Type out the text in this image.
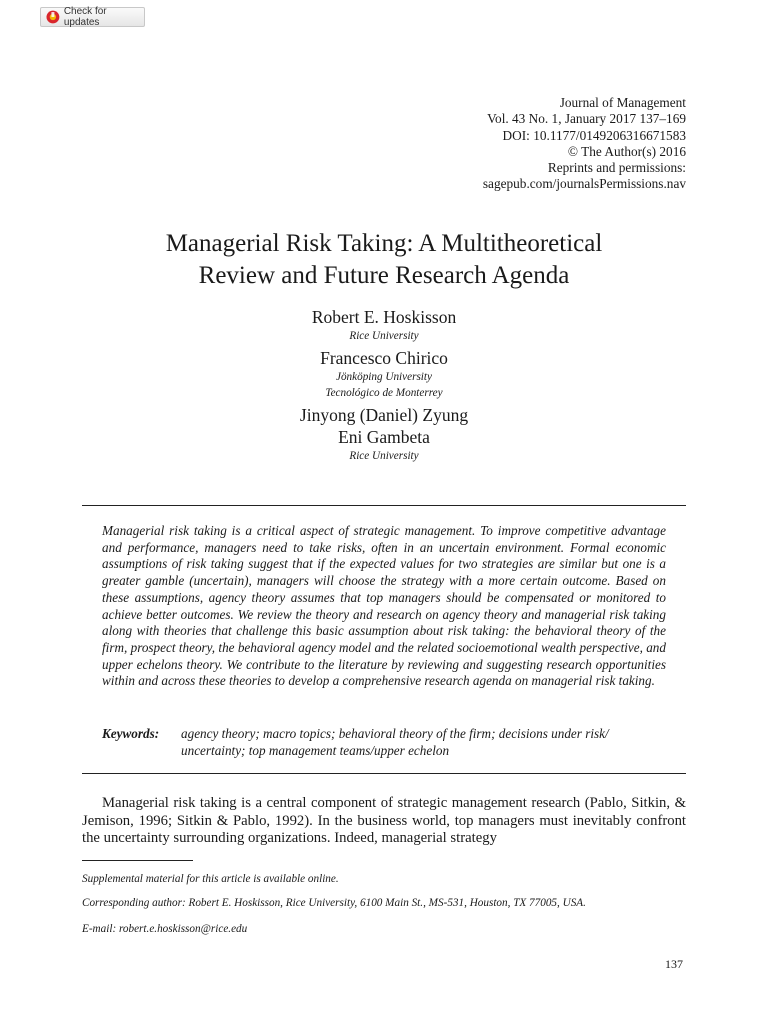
Check for updates
Journal of Management
Vol. 43 No. 1, January 2017 137–169
DOI: 10.1177/0149206316671583
© The Author(s) 2016
Reprints and permissions:
sagepub.com/journalsPermissions.nav
Managerial Risk Taking: A Multitheoretical
Review and Future Research Agenda
Robert E. Hoskisson
Rice University
Francesco Chirico
Jönköping University
Tecnológico de Monterrey
Jinyong (Daniel) Zyung
Eni Gambeta
Rice University

Managerial risk taking is a critical aspect of strategic management. To improve competitive advantage and performance, managers need to take risks, often in an uncertain environment. Formal economic assumptions of risk taking suggest that if the expected values for two strategies are similar but one is a greater gamble (uncertain), managers will choose the strategy with a more certain outcome. Based on these assumptions, agency theory assumes that top managers should be compensated or monitored to achieve better outcomes. We review the theory and research on agency theory and managerial risk taking along with theories that challenge this basic assumption about risk taking: the behavioral theory of the firm, prospect theory, the behavioral agency model and the related socioemotional wealth perspective, and upper echelons theory. We contribute to the literature by reviewing and suggesting research opportunities within and across these theories to develop a comprehensive research agenda on managerial risk taking.

Keywords:	agency theory; macro topics; behavioral theory of the firm; decisions under risk/ uncertainty; top management teams/upper echelon

Managerial risk taking is a central component of strategic management research (Pablo, Sitkin, & Jemison, 1996; Sitkin & Pablo, 1992). In the business world, top managers must inevitably confront the uncertainty surrounding organizations. Indeed, managerial strategy

Supplemental material for this article is available online.

Corresponding author: Robert E. Hoskisson, Rice University, 6100 Main St., MS-531, Houston, TX 77005, USA.

E-mail: robert.e.hoskisson@rice.edu

137
